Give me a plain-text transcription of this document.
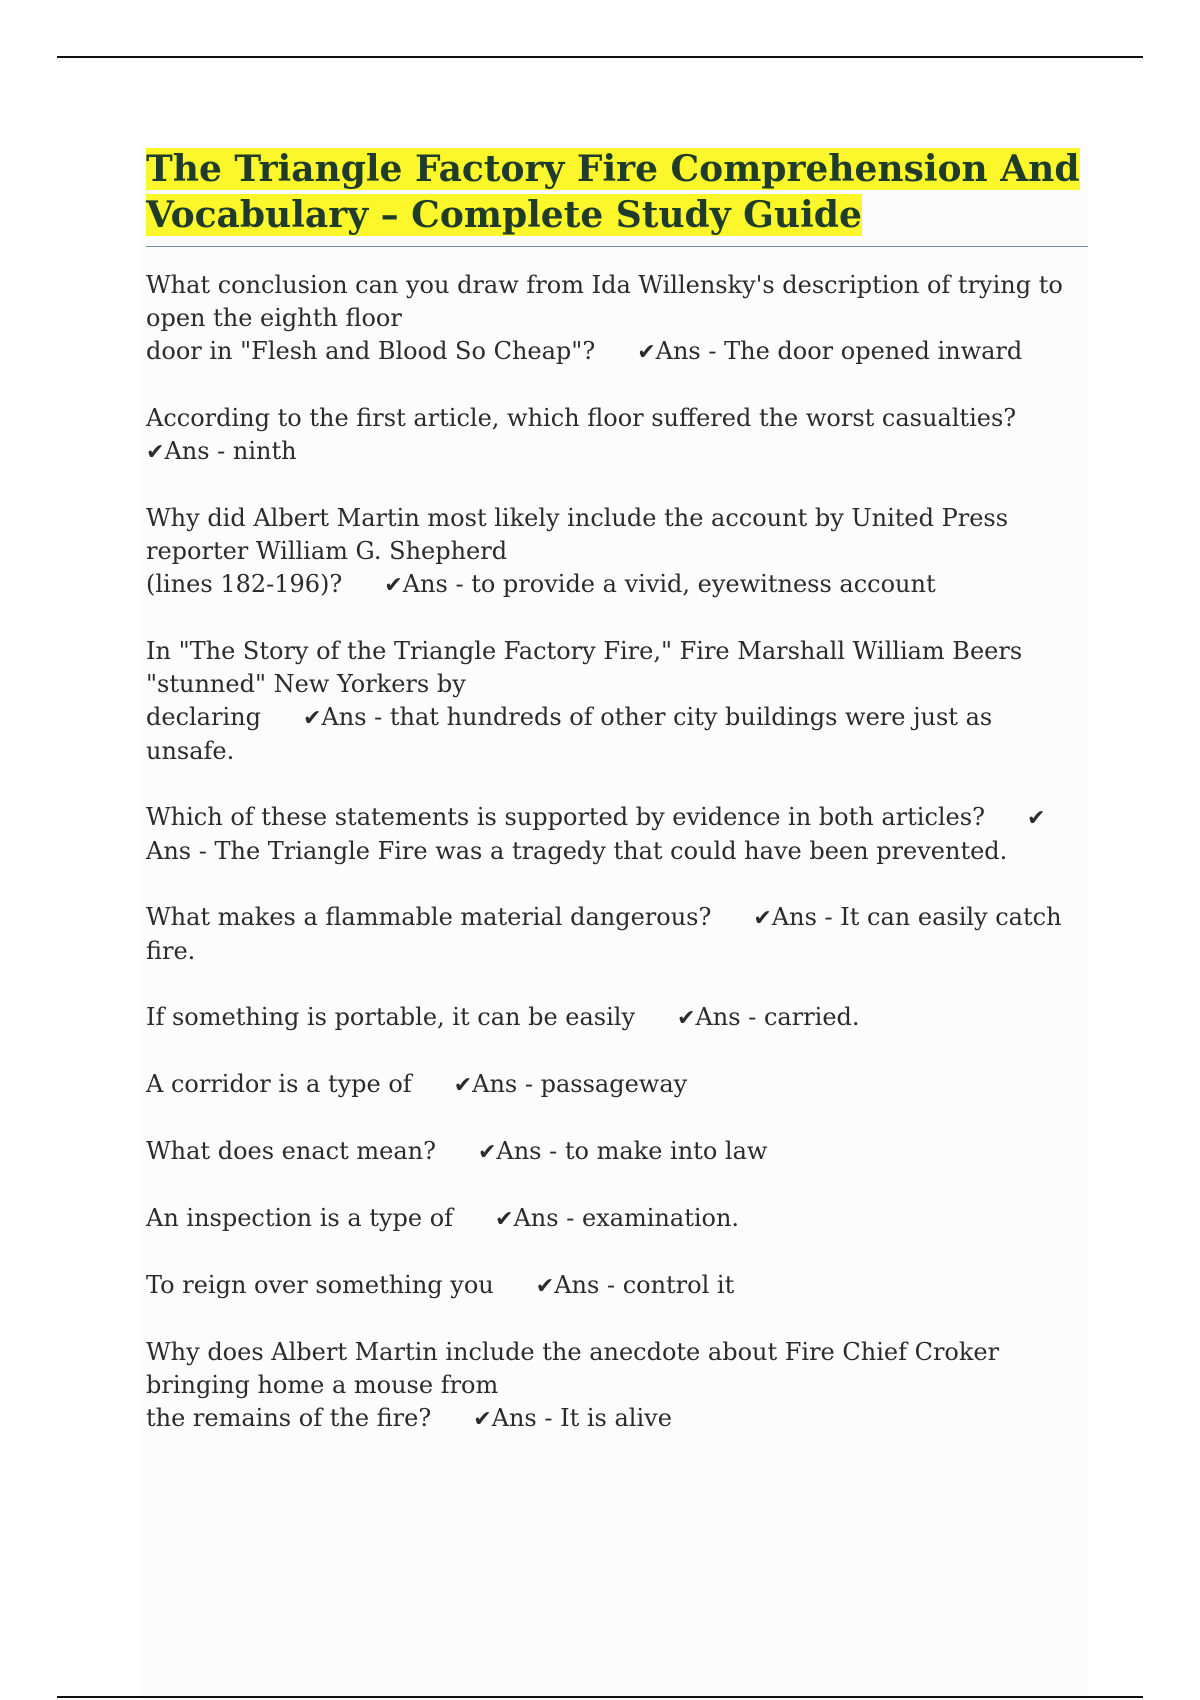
The Triangle Factory Fire Comprehension And Vocabulary – Complete Study Guide
What conclusion can you draw from Ida Willensky's description of trying to open the eighth floor
door in "Flesh and Blood So Cheap"? ✔Ans - The door opened inward
According to the first article, which floor suffered the worst casualties?
✔Ans - ninth
Why did Albert Martin most likely include the account by United Press reporter William G. Shepherd
(lines 182-196)? ✔Ans - to provide a vivid, eyewitness account
In "The Story of the Triangle Factory Fire," Fire Marshall William Beers "stunned" New Yorkers by
declaring ✔Ans - that hundreds of other city buildings were just as unsafe.
Which of these statements is supported by evidence in both articles? ✔Ans - The Triangle Fire was a tragedy that could have been prevented.
What makes a flammable material dangerous? ✔Ans - It can easily catch fire.
If something is portable, it can be easily ✔Ans - carried.
A corridor is a type of ✔Ans - passageway
What does enact mean? ✔Ans - to make into law
An inspection is a type of ✔Ans - examination.
To reign over something you ✔Ans - control it
Why does Albert Martin include the anecdote about Fire Chief Croker bringing home a mouse from
the remains of the fire? ✔Ans - It is alive
